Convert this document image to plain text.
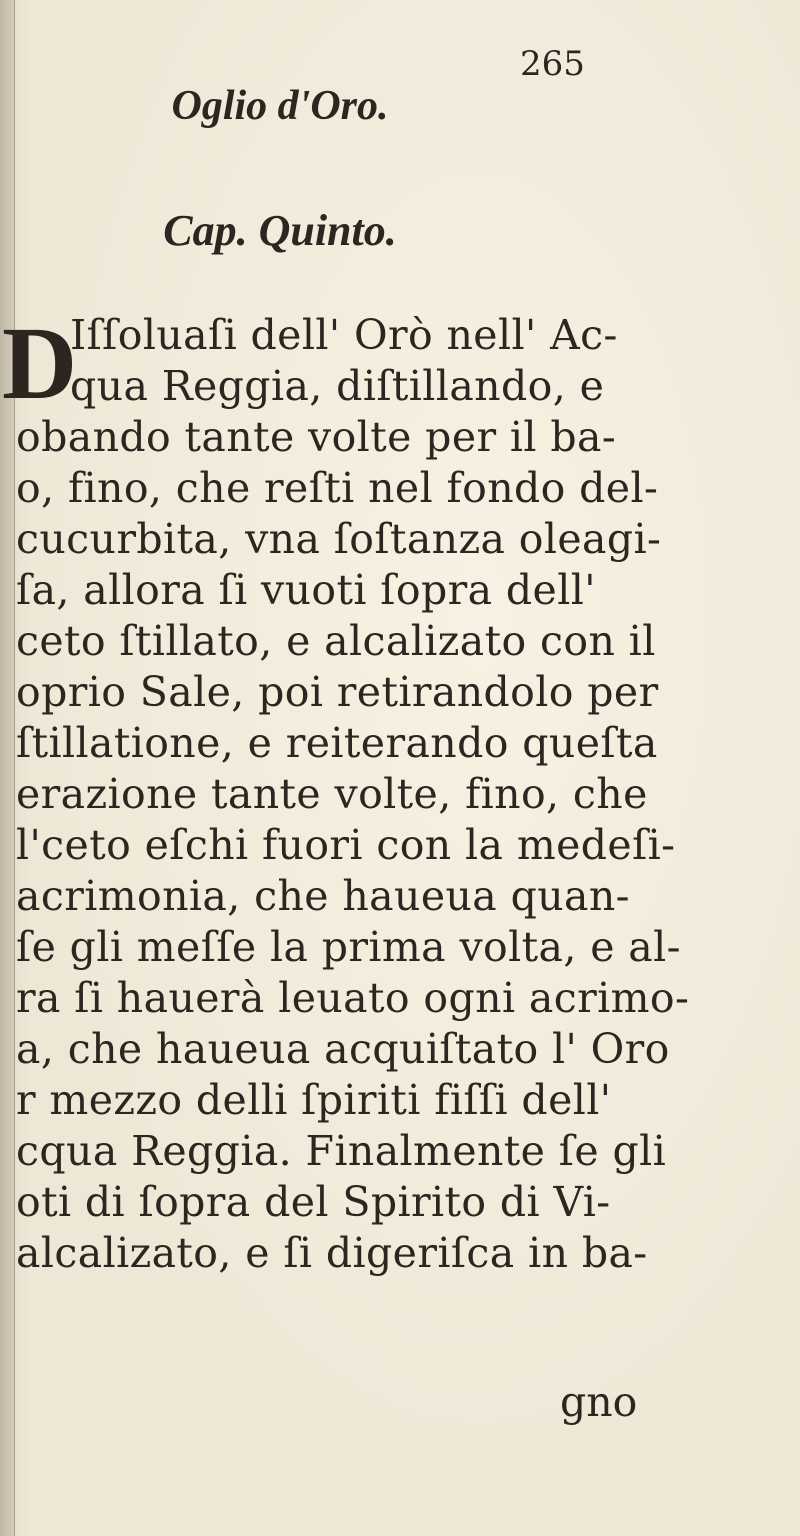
265
Oglio d'Oro.
Cap. Quinto.
D
Iſſoluaſi dell' Orò nell' Ac-
qua Reggia, diſtillando, e
obando tante volte per il ba-
o, fino, che reſti nel fondo del-
cucurbita, vna ſoſtanza oleagi-
ſa, allora ſi vuoti ſopra dell'
ceto ſtillato, e alcalizato con il
oprio Sale, poi retirandolo per
ſtillatione, e reiterando queſta
erazione tante volte, fino, che
l'ceto eſchi fuori con la medeſi-
acrimonia, che haueua quan-
ſe gli meſſe la prima volta, e al-
ra ſi hauerà leuato ogni acrimo-
a, che haueua acquiſtato l' Oro
r mezzo delli ſpiriti fiſſi dell'
cqua Reggia. Finalmente ſe gli
oti di ſopra del Spirito di Vi-
alcalizato, e ſi digeriſca in ba-
gno
